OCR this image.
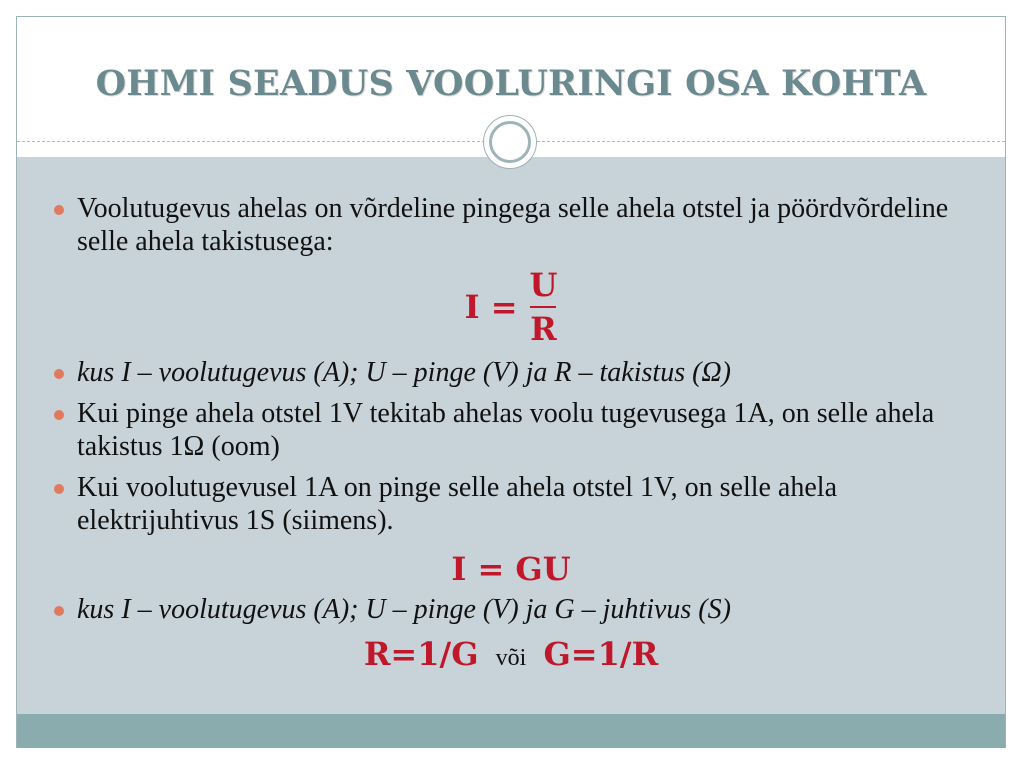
OHMI SEADUS VOOLURINGI OSA KOHTA
Voolutugevus ahelas on võrdeline pingega selle ahela otstel ja pöördvõrdeline selle ahela takistusega:
$I = \frac{U}{R}$
kus I – voolutugevus (A); U – pinge (V) ja R – takistus (Ω)
Kui pinge ahela otstel 1V tekitab ahelas voolu tugevusega 1A, on selle ahela takistus 1Ω (oom)
Kui voolutugevusel 1A on pinge selle ahela otstel 1V, on selle ahela elektrijuhtivus 1S (siimens).
I = GU
kus I – voolutugevus (A); U – pinge (V) ja G – juhtivus (S)
R=1/G või G=1/R
